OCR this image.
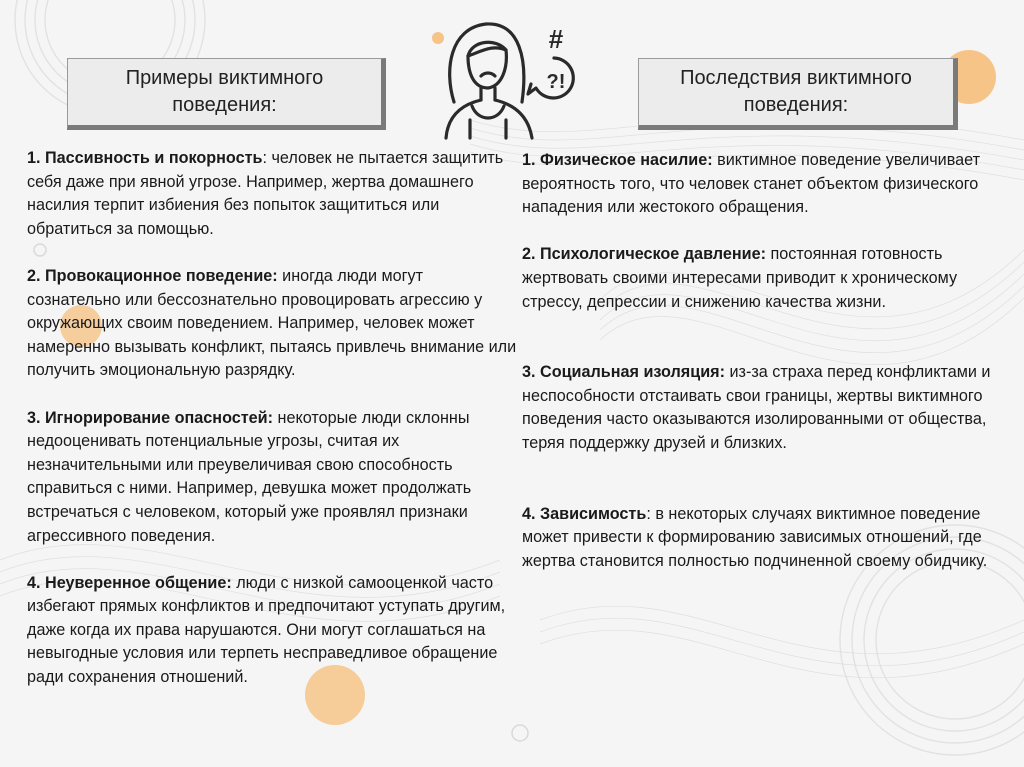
Примеры виктимного
поведения:
Последствия виктимного
поведения:
#
?!

1. Пассивность и покорность: человек не пытается защитить себя даже при явной угрозе. Например, жертва домашнего насилия терпит избиения без попыток защититься или обратиться за помощью.

2. Провокационное поведение: иногда люди могут сознательно или бессознательно провоцировать агрессию у окружающих своим поведением. Например, человек может намеренно вызывать конфликт, пытаясь привлечь внимание или получить эмоциональную разрядку.

3. Игнорирование опасностей: некоторые люди склонны недооценивать потенциальные угрозы, считая их незначительными или преувеличивая свою способность справиться с ними. Например, девушка может продолжать встречаться с человеком, который уже проявлял признаки агрессивного поведения.

4. Неуверенное общение: люди с низкой самооценкой часто избегают прямых конфликтов и предпочитают уступать другим, даже когда их права нарушаются. Они могут соглашаться на невыгодные условия или терпеть несправедливое обращение ради сохранения отношений.

1. Физическое насилие: виктимное поведение увеличивает вероятность того, что человек станет объектом физического нападения или жестокого обращения.

2. Психологическое давление: постоянная готовность жертвовать своими интересами приводит к хроническому стрессу, депрессии и снижению качества жизни.

3. Социальная изоляция: из-за страха перед конфликтами и неспособности отстаивать свои границы, жертвы виктимного поведения часто оказываются изолированными от общества, теряя поддержку друзей и близких.

4. Зависимость: в некоторых случаях виктимное поведение может привести к формированию зависимых отношений, где жертва становится полностью подчиненной своему обидчику.
